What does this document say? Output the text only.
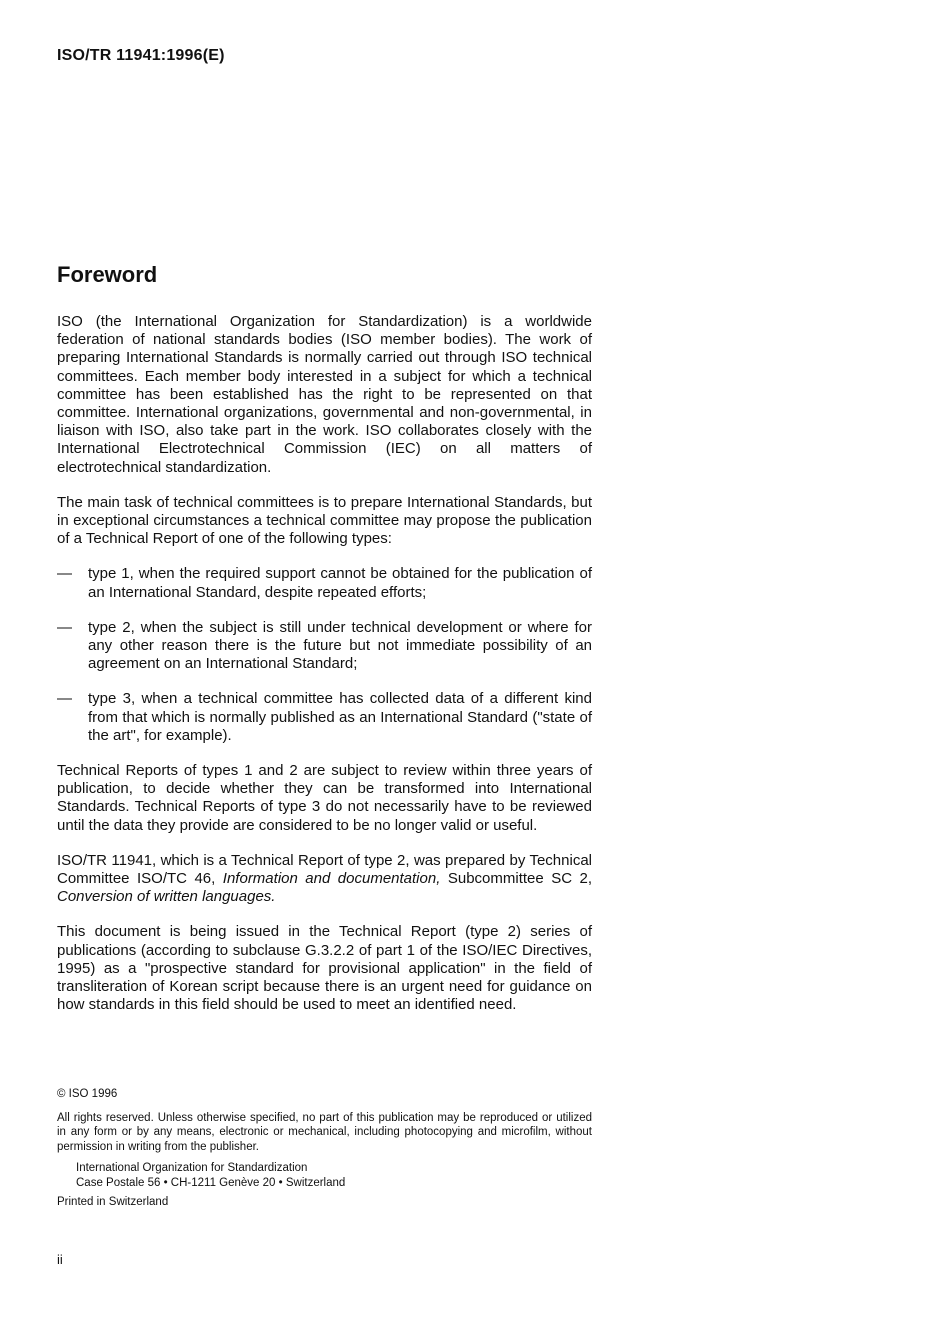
ISO/TR 11941:1996(E)
Foreword

ISO (the International Organization for Standardization) is a worldwide federation of national standards bodies (ISO member bodies). The work of preparing International Standards is normally carried out through ISO technical committees. Each member body interested in a subject for which a technical committee has been established has the right to be represented on that committee. International organizations, governmental and non-governmental, in liaison with ISO, also take part in the work. ISO collaborates closely with the International Electrotechnical Commission (IEC) on all matters of electrotechnical standardization.

The main task of technical committees is to prepare International Standards, but in exceptional circumstances a technical committee may propose the publication of a Technical Report of one of the following types:

— type 1, when the required support cannot be obtained for the publication of an International Standard, despite repeated efforts;
— type 2, when the subject is still under technical development or where for any other reason there is the future but not immediate possibility of an agreement on an International Standard;
— type 3, when a technical committee has collected data of a different kind from that which is normally published as an International Standard ("state of the art", for example).

Technical Reports of types 1 and 2 are subject to review within three years of publication, to decide whether they can be transformed into International Standards. Technical Reports of type 3 do not necessarily have to be reviewed until the data they provide are considered to be no longer valid or useful.

ISO/TR 11941, which is a Technical Report of type 2, was prepared by Technical Committee ISO/TC 46, Information and documentation, Subcommittee SC 2, Conversion of written languages.

This document is being issued in the Technical Report (type 2) series of publications (according to subclause G.3.2.2 of part 1 of the ISO/IEC Directives, 1995) as a "prospective standard for provisional application" in the field of transliteration of Korean script because there is an urgent need for guidance on how standards in this field should be used to meet an identified need.

© ISO 1996

All rights reserved. Unless otherwise specified, no part of this publication may be reproduced or utilized in any form or by any means, electronic or mechanical, including photocopying and microfilm, without permission in writing from the publisher.

International Organization for Standardization
Case Postale 56 • CH-1211 Genève 20 • Switzerland

Printed in Switzerland

ii
